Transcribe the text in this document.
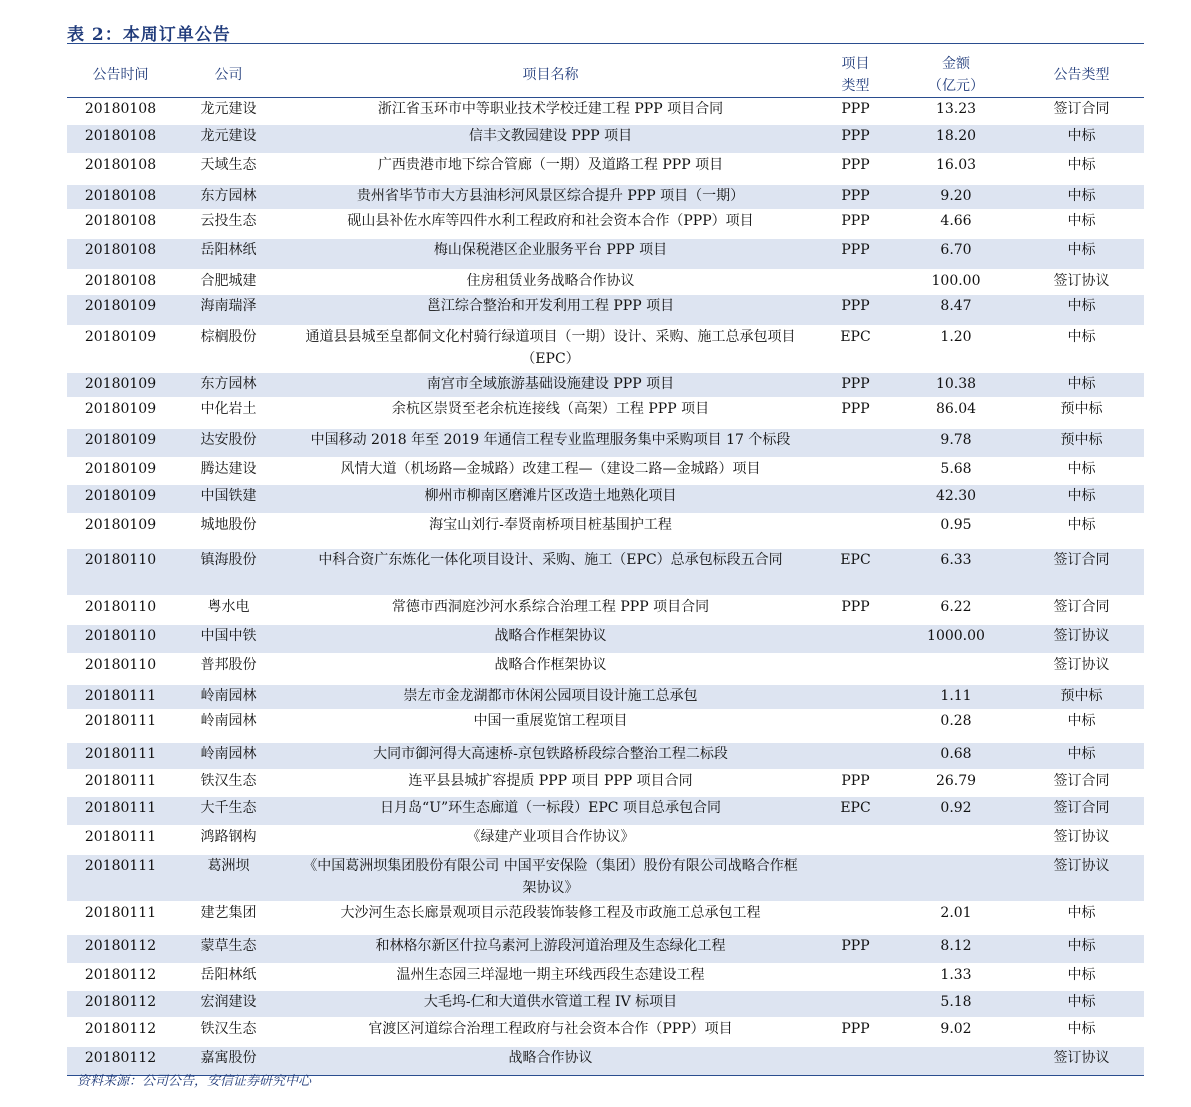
表 2：本周订单公告
公告时间	公司	项目名称	项目	金额	公告类型
			类型	（亿元）	
20180108	龙元建设	浙江省玉环市中等职业技术学校迁建工程 PPP 项目合同	PPP	13.23	签订合同
20180108	龙元建设	信丰文教园建设 PPP 项目	PPP	18.20	中标
20180108	天域生态	广西贵港市地下综合管廊（一期）及道路工程 PPP 项目	PPP	16.03	中标
20180108	东方园林	贵州省毕节市大方县油杉河风景区综合提升 PPP 项目（一期）	PPP	9.20	中标
20180108	云投生态	砚山县补佐水库等四件水利工程政府和社会资本合作（PPP）项目	PPP	4.66	中标
20180108	岳阳林纸	梅山保税港区企业服务平台 PPP 项目	PPP	6.70	中标
20180108	合肥城建	住房租赁业务战略合作协议		100.00	签订协议
20180109	海南瑞泽	邕江综合整治和开发利用工程 PPP 项目	PPP	8.47	中标
20180109	棕榈股份	通道县县城至皇都侗文化村骑行绿道项目（一期）设计、采购、施工总承包项目（EPC）	EPC	1.20	中标
20180109	东方园林	南宫市全域旅游基础设施建设 PPP 项目	PPP	10.38	中标
20180109	中化岩土	余杭区崇贤至老余杭连接线（高架）工程 PPP 项目	PPP	86.04	预中标
20180109	达安股份	中国移动 2018 年至 2019 年通信工程专业监理服务集中采购项目 17 个标段		9.78	预中标
20180109	腾达建设	风情大道（机场路—金城路）改建工程—（建设二路—金城路）项目		5.68	中标
20180109	中国铁建	柳州市柳南区磨滩片区改造土地熟化项目		42.30	中标
20180109	城地股份	海宝山刘行-奉贤南桥项目桩基围护工程		0.95	中标
20180110	镇海股份	中科合资广东炼化一体化项目设计、采购、施工（EPC）总承包标段五合同	EPC	6.33	签订合同
20180110	粤水电	常德市西洞庭沙河水系综合治理工程 PPP 项目合同	PPP	6.22	签订合同
20180110	中国中铁	战略合作框架协议		1000.00	签订协议
20180110	普邦股份	战略合作框架协议			签订协议
20180111	岭南园林	崇左市金龙湖都市休闲公园项目设计施工总承包		1.11	预中标
20180111	岭南园林	中国一重展览馆工程项目		0.28	中标
20180111	岭南园林	大同市御河得大高速桥-京包铁路桥段综合整治工程二标段		0.68	中标
20180111	铁汉生态	连平县县城扩容提质 PPP 项目 PPP 项目合同	PPP	26.79	签订合同
20180111	大千生态	日月岛“U”环生态廊道（一标段）EPC 项目总承包合同	EPC	0.92	签订合同
20180111	鸿路钢构	《绿建产业项目合作协议》			签订协议
20180111	葛洲坝	《中国葛洲坝集团股份有限公司 中国平安保险（集团）股份有限公司战略合作框架协议》			签订协议
20180111	建艺集团	大沙河生态长廊景观项目示范段装饰装修工程及市政施工总承包工程		2.01	中标
20180112	蒙草生态	和林格尔新区什拉乌素河上游段河道治理及生态绿化工程	PPP	8.12	中标
20180112	岳阳林纸	温州生态园三垟湿地一期主环线西段生态建设工程		1.33	中标
20180112	宏润建设	大毛坞-仁和大道供水管道工程 IV 标项目		5.18	中标
20180112	铁汉生态	官渡区河道综合治理工程政府与社会资本合作（PPP）项目	PPP	9.02	中标
20180112	嘉寓股份	战略合作协议			签订协议
资料来源：公司公告，安信证券研究中心
